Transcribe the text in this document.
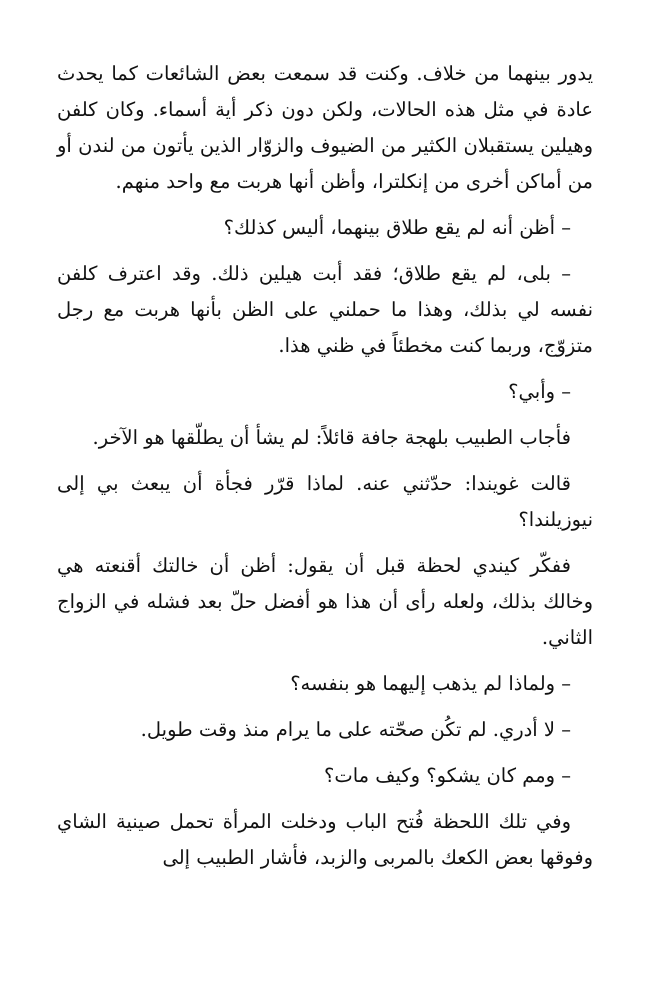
يدور بينهما من خلاف. وكنت قد سمعت بعض الشائعات كما يحدث عادة في مثل هذه الحالات، ولكن دون ذكر أية أسماء. وكان كلفن وهيلين يستقبلان الكثير من الضيوف والزوّار الذين يأتون من لندن أو من أماكن أخرى من إنكلترا، وأظن أنها هربت مع واحد منهم.

– أظن أنه لم يقع طلاق بينهما، أليس كذلك؟

– بلى، لم يقع طلاق؛ فقد أبت هيلين ذلك. وقد اعترف كلفن نفسه لي بذلك، وهذا ما حملني على الظن بأنها هربت مع رجل متزوّج، وربما كنت مخطئاً في ظني هذا.

– وأبي؟

فأجاب الطبيب بلهجة جافة قائلاً: لم يشأ أن يطلّقها هو الآخر.

قالت غويندا: حدّثني عنه. لماذا قرّر فجأة أن يبعث بي إلى نيوزيلندا؟

ففكّر كيندي لحظة قبل أن يقول: أظن أن خالتك أقنعته هي وخالك بذلك، ولعله رأى أن هذا هو أفضل حلّ بعد فشله في الزواج الثاني.

– ولماذا لم يذهب إليهما هو بنفسه؟

– لا أدري. لم تكُن صحّته على ما يرام منذ وقت طويل.

– ومم كان يشكو؟ وكيف مات؟

وفي تلك اللحظة فُتح الباب ودخلت المرأة تحمل صينية الشاي وفوقها بعض الكعك بالمربى والزبد، فأشار الطبيب إلى
